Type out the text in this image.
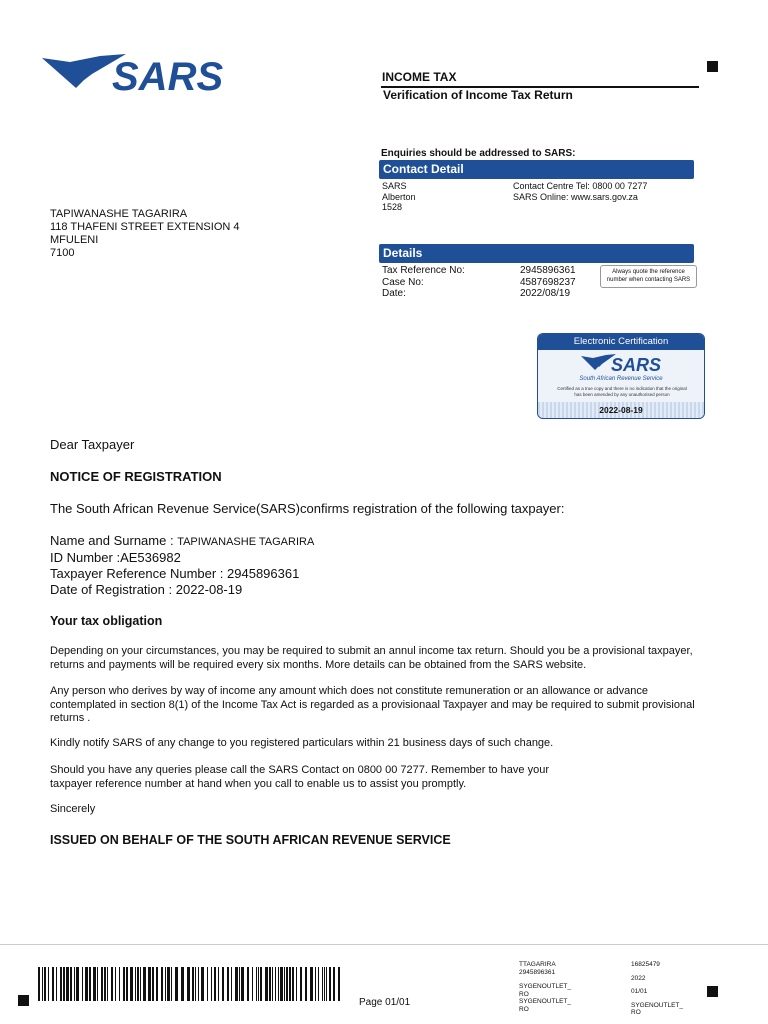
SARS	INCOME TAX
Verification of Income Tax Return
Enquiries should be addressed to SARS:
Contact Detail
SARS
Alberton
1528
Contact Centre Tel: 0800 00 7277
SARS Online: www.sars.gov.za
TAPIWANASHE TAGARIRA
118 THAFENI STREET EXTENSION 4
MFULENI
7100	Details
Tax Reference No:
Case No:
Date:
2945896361
4587698237
2022/08/19
Always quote the reference
number when contacting SARS
Electronic Certification
SARS
South African Revenue Service
Certified as a true copy and there is no indication that the original
has been amended by any unauthorised person
2022-08-19
Dear Taxpayer
NOTICE OF REGISTRATION
The South African Revenue Service(SARS)confirms registration of the following taxpayer:
Name and Surname : TAPIWANASHE TAGARIRA
ID Number :AE536982
Taxpayer Reference Number : 2945896361
Date of Registration : 2022-08-19
Your tax obligation
Depending on your circumstances, you may be required to submit an annul income tax return. Should you be a provisional taxpayer,
returns and payments will be required every six months. More details can be obtained from the SARS website.
Any person who derives by way of income any amount which does not constitute remuneration or an allowance or advance
contemplated in section 8(1) of the Income Tax Act is regarded as a provisionaal Taxpayer and may be required to submit provisional
returns .
Kindly notify SARS of any change to you registered particulars within 21 business days of such change.
Should you have any queries please call the SARS Contact on 0800 00 7277. Remember to have your
taxpayer reference number at hand when you call to enable us to assist you promptly.
Sincerely
ISSUED ON BEHALF OF THE SOUTH AFRICAN REVENUE SERVICE
Page 01/01
TTAGARIRA
2945896361
SYGENOUTLET_
RO
SYGENOUTLET_
RO
16825479
2022
01/01
SYGENOUTLET_
RO
